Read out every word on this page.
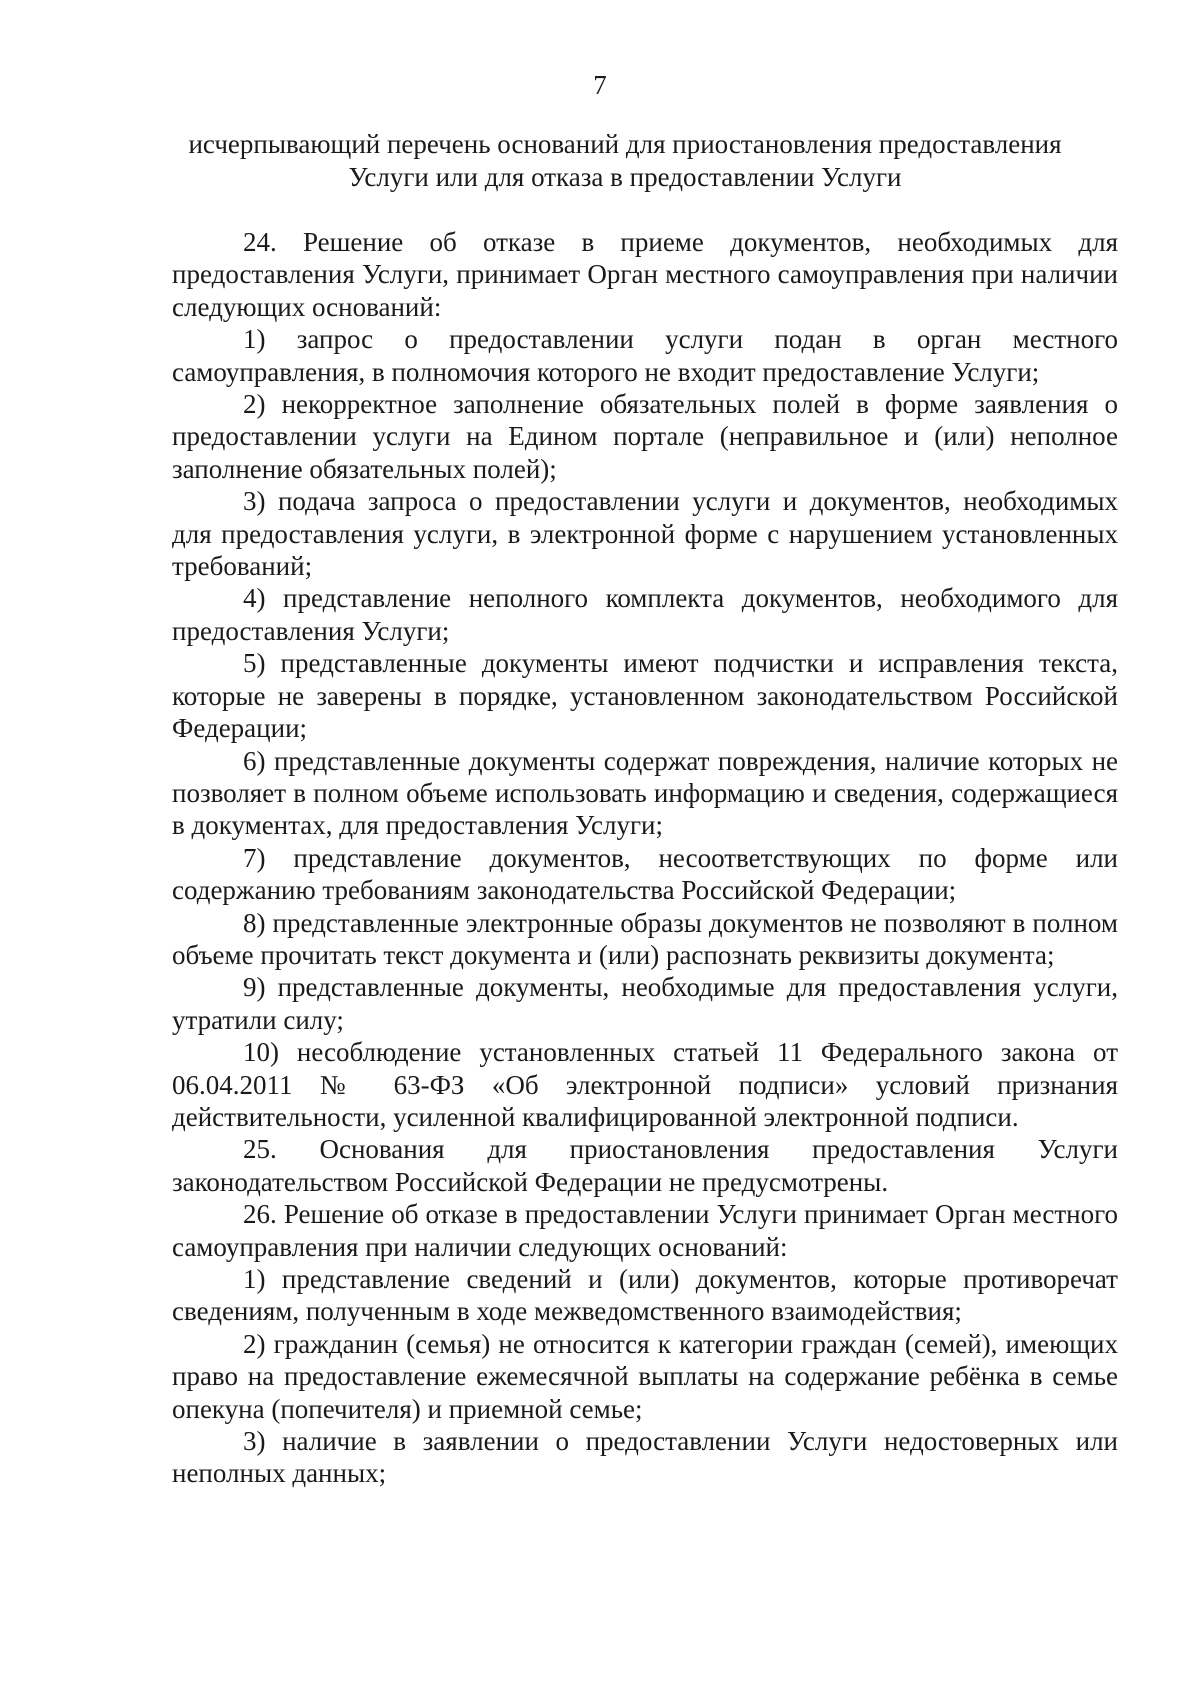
7
исчерпывающий перечень оснований для приостановления предоставления
Услуги или для отказа в предоставлении Услуги

24. Решение об отказе в приеме документов, необходимых для предоставления Услуги, принимает Орган местного самоуправления при наличии следующих оснований:

1) запрос о предоставлении услуги подан в орган местного самоуправления, в полномочия которого не входит предоставление Услуги;

2) некорректное заполнение обязательных полей в форме заявления о предоставлении услуги на Едином портале (неправильное и (или) неполное заполнение обязательных полей);

3) подача запроса о предоставлении услуги и документов, необходимых для предоставления услуги, в электронной форме с нарушением установленных требований;

4) представление неполного комплекта документов, необходимого для предоставления Услуги;

5) представленные документы имеют подчистки и исправления текста, которые не заверены в порядке, установленном законодательством Российской Федерации;

6) представленные документы содержат повреждения, наличие которых не позволяет в полном объеме использовать информацию и сведения, содержащиеся в документах, для предоставления Услуги;

7) представление документов, несоответствующих по форме или содержанию требованиям законодательства Российской Федерации;

8) представленные электронные образы документов не позволяют в полном объеме прочитать текст документа и (или) распознать реквизиты документа;

9) представленные документы, необходимые для предоставления услуги, утратили силу;

10) несоблюдение установленных статьей 11 Федерального закона от 06.04.2011 № 63-ФЗ «Об электронной подписи» условий признания действительности, усиленной квалифицированной электронной подписи.

25. Основания для приостановления предоставления Услуги законодательством Российской Федерации не предусмотрены.

26. Решение об отказе в предоставлении Услуги принимает Орган местного самоуправления при наличии следующих оснований:

1) представление сведений и (или) документов, которые противоречат сведениям, полученным в ходе межведомственного взаимодействия;

2) гражданин (семья) не относится к категории граждан (семей), имеющих право на предоставление ежемесячной выплаты на содержание ребёнка в семье опекуна (попечителя) и приемной семье;

3) наличие в заявлении о предоставлении Услуги недостоверных или неполных данных;
